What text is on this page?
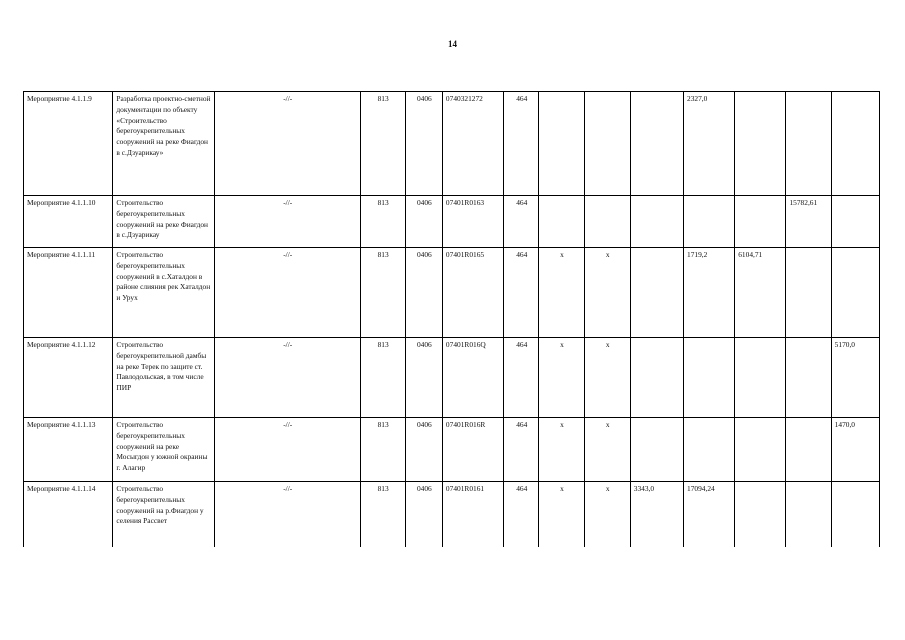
14
Мероприятие 4.1.1.9	Разработка проектно-сметной документации по объекту «Строительство берегоукрепительных сооружений на реке Фиагдон в с.Дзуарикау»	-//-	813	0406	0740321272	464				2327,0			
Мероприятие 4.1.1.10	Строительство берегоукрепительных сооружений на реке Фиагдон в с.Дзуарикау	-//-	813	0406	07401R0163	464						15782,61	
Мероприятие 4.1.1.11	Строительство берегоукрепительных сооружений в с.Хаталдон в районе слияния рек Хаталдон и Урух	-//-	813	0406	07401R0165	464	х	х		1719,2	6104,71		
Мероприятие 4.1.1.12	Строительство берегоукрепительной дамбы на реке Терек по защите ст. Павлодольская, в том числе ПИР	-//-	813	0406	07401R016Q	464	х	х					5170,0
Мероприятие 4.1.1.13	Строительство берегоукрепительных сооружений на реке Мосыгдон у южной окраины г. Алагир	-//-	813	0406	07401R016R	464	х	х					1470,0
Мероприятие 4.1.1.14	Строительство берегоукрепительных сооружений на р.Фиагдон у селения Рассвет	-//-	813	0406	07401R0161	464	х	х	3343,0	17094,24			
